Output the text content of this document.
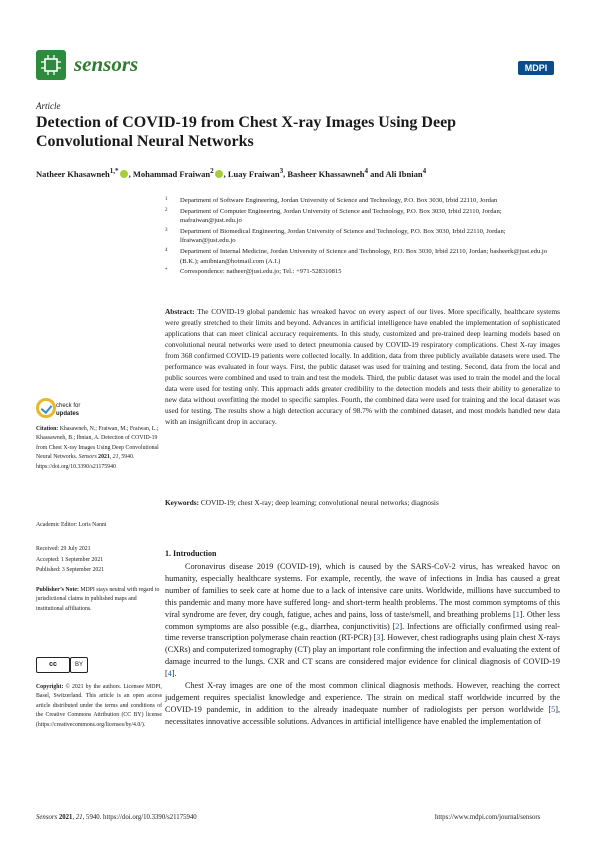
sensors	MDPI
Article
Detection of COVID-19 from Chest X-ray Images Using Deep Convolutional Neural Networks
Natheer Khasawneh$^{1,*}$ , Mohammad Fraiwan$^2$ , Luay Fraiwan$^3$, Basheer Khassawneh$^4$ and Ali Ibnian$^4$
1 Department of Software Engineering, Jordan University of Science and Technology, P.O. Box 3030, Irbid 22110, Jordan
2 Department of Computer Engineering, Jordan University of Science and Technology, P.O. Box 3030, Irbid 22110, Jordan; mafraiwan@just.edu.jo
3 Department of Biomedical Engineering, Jordan University of Science and Technology, P.O. Box 3030, Irbid 22110, Jordan; lfraiwan@just.edu.jo
4 Department of Internal Medicine, Jordan University of Science and Technology, P.O. Box 3030, Irbid 22110, Jordan; basheerk@just.edu.jo (B.K.); amibnian@hotmail.com (A.I.)
* Correspondence: natheer@just.edu.jo; Tel.: +971-528310815
Abstract: The COVID-19 global pandemic has wreaked havoc on every aspect of our lives. More specifically, healthcare systems were greatly stretched to their limits and beyond. Advances in artificial intelligence have enabled the implementation of sophisticated applications that can meet clinical accuracy requirements. In this study, customized and pre-trained deep learning models based on convolutional neural networks were used to detect pneumonia caused by COVID-19 respiratory complications. Chest X-ray images from 368 confirmed COVID-19 patients were collected locally. In addition, data from three publicly available datasets were used. The performance was evaluated in four ways. First, the public dataset was used for training and testing. Second, data from the local and public sources were combined and used to train and test the models. Third, the public dataset was used to train the model and the local data were used for testing only. This approach adds greater credibility to the detection models and tests their ability to generalize to new data without overfitting the model to specific samples. Fourth, the combined data were used for training and the local dataset was used for testing. The results show a high detection accuracy of 98.7% with the combined dataset, and most models handled new data with an insignificant drop in accuracy.
Keywords: COVID-19; chest X-ray; deep learning; convolutional neural networks; diagnosis
check for
updates
Citation: Khasawneh, N.; Fraiwan, M.; Fraiwan, L.; Khassawneh, B.; Ibnian, A. Detection of COVID-19 from Chest X-ray Images Using Deep Convolutional Neural Networks. Sensors 2021, 21, 5940. https://doi.org/10.3390/s21175940
Academic Editor: Loris Nanni
Received: 29 July 2021
Accepted: 1 September 2021
Published: 3 September 2021
Publisher’s Note: MDPI stays neutral with regard to jurisdictional claims in published maps and institutional affiliations.
cc	BY
Copyright: © 2021 by the authors. Licensee MDPI, Basel, Switzerland. This article is an open access article distributed under the terms and conditions of the Creative Commons Attribution (CC BY) license (https://creativecommons.org/licenses/by/4.0/).
1. Introduction

Coronavirus disease 2019 (COVID-19), which is caused by the SARS-CoV-2 virus, has wreaked havoc on humanity, especially healthcare systems. For example, recently, the wave of infections in India has caused a great number of families to seek care at home due to a lack of intensive care units. Worldwide, millions have succumbed to this pandemic and many more have suffered long- and short-term health problems. The most common symptoms of this viral syndrome are fever, dry cough, fatigue, aches and pains, loss of taste/smell, and breathing problems [1]. Other less common symptoms are also possible (e.g., diarrhea, conjunctivitis) [2]. Infections are officially confirmed using real-time reverse transcription polymerase chain reaction (RT-PCR) [3]. However, chest radiographs using plain chest X-rays (CXRs) and computerized tomography (CT) play an important role confirming the infection and evaluating the extent of damage incurred to the lungs. CXR and CT scans are considered major evidence for clinical diagnosis of COVID-19 [4].

Chest X-ray images are one of the most common clinical diagnosis methods. However, reaching the correct judgement requires specialist knowledge and experience. The strain on medical staff worldwide incurred by the COVID-19 pandemic, in addition to the already inadequate number of radiologists per person worldwide [5], necessitates innovative accessible solutions. Advances in artificial intelligence have enabled the implementation of

Sensors 2021, 21, 5940. https://doi.org/10.3390/s21175940	https://www.mdpi.com/journal/sensors
